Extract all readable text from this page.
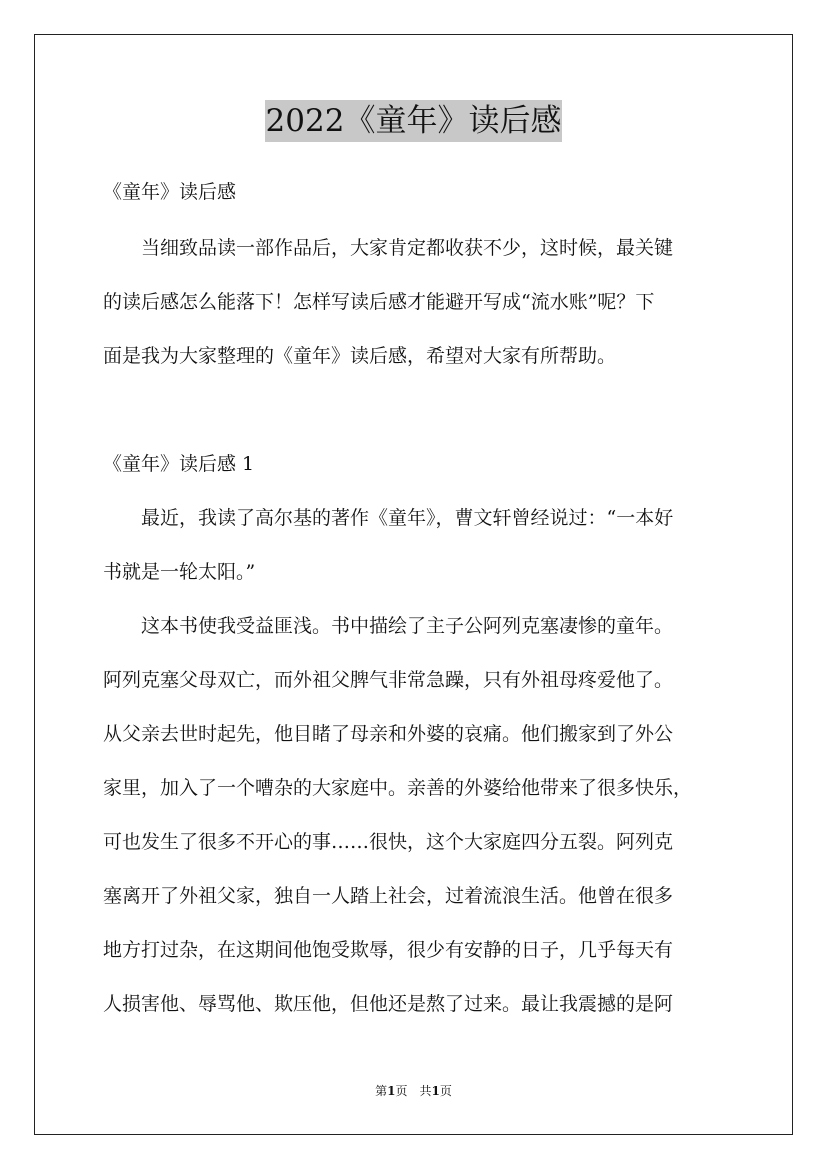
2022《童年》读后感
《童年》读后感
　　当细致品读一部作品后，大家肯定都收获不少，这时候，最关键
的读后感怎么能落下！怎样写读后感才能避开写成“流水账”呢？下
面是我为大家整理的《童年》读后感，希望对大家有所帮助。
《童年》读后感 1
　　最近，我读了高尔基的著作《童年》，曹文轩曾经说过：“一本好
书就是一轮太阳。”
　　这本书使我受益匪浅。书中描绘了主子公阿列克塞凄惨的童年。
阿列克塞父母双亡，而外祖父脾气非常急躁，只有外祖母疼爱他了。
从父亲去世时起先，他目睹了母亲和外婆的哀痛。他们搬家到了外公
家里，加入了一个嘈杂的大家庭中。亲善的外婆给他带来了很多快乐，
可也发生了很多不开心的事……很快，这个大家庭四分五裂。阿列克
塞离开了外祖父家，独自一人踏上社会，过着流浪生活。他曾在很多
地方打过杂，在这期间他饱受欺辱，很少有安静的日子，几乎每天有
人损害他、辱骂他、欺压他，但他还是熬了过来。最让我震撼的是阿
第1页　共1页
